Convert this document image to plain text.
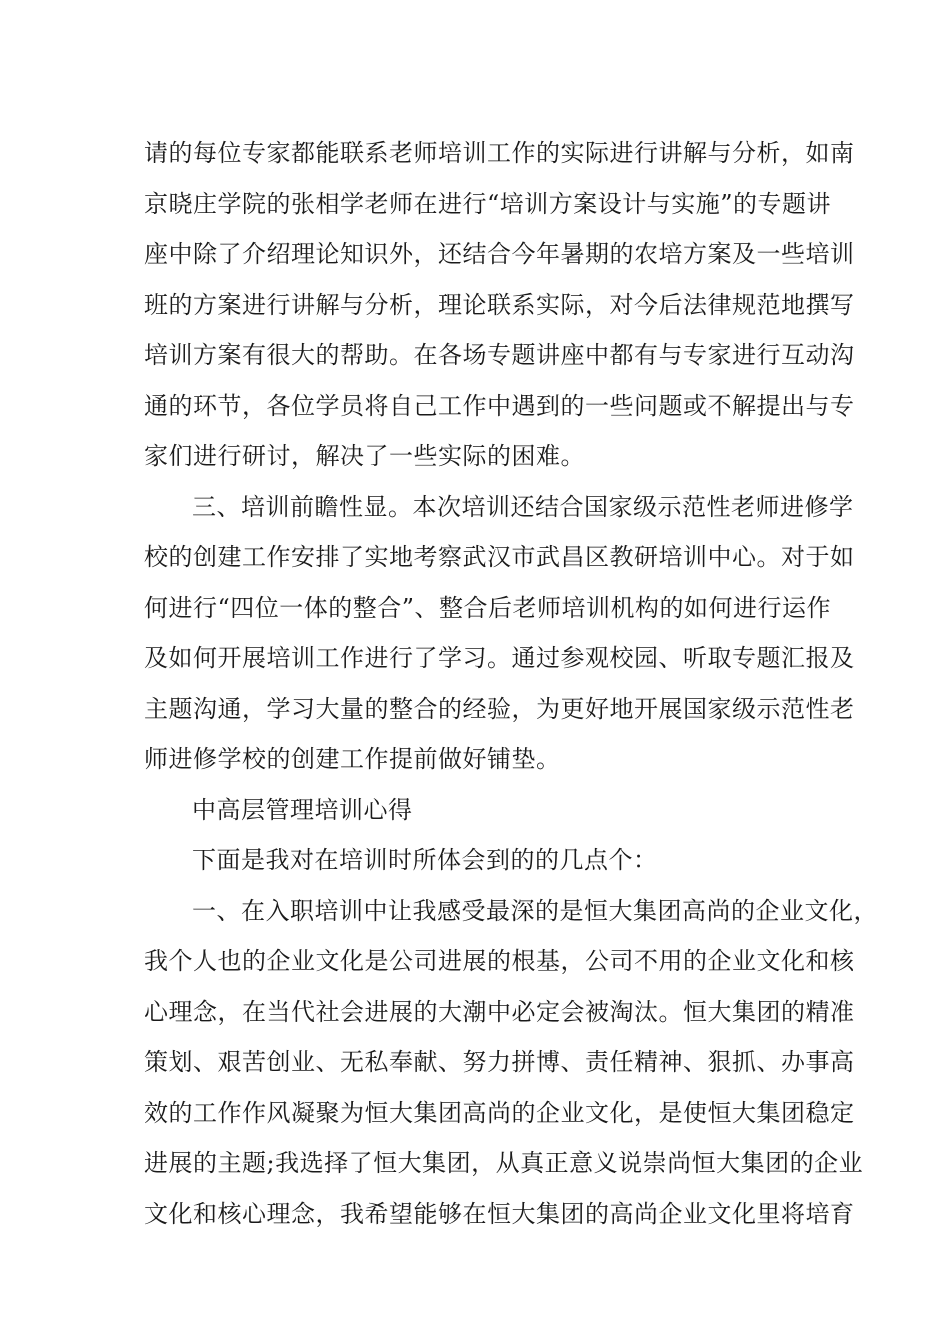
请的每位专家都能联系老师培训工作的实际进行讲解与分析，如南
京晓庄学院的张相学老师在进行“培训方案设计与实施”的专题讲
座中除了介绍理论知识外，还结合今年暑期的农培方案及一些培训
班的方案进行讲解与分析，理论联系实际，对今后法律规范地撰写
培训方案有很大的帮助。在各场专题讲座中都有与专家进行互动沟
通的环节，各位学员将自己工作中遇到的一些问题或不解提出与专
家们进行研讨，解决了一些实际的困难。
三、培训前瞻性显。本次培训还结合国家级示范性老师进修学
校的创建工作安排了实地考察武汉市武昌区教研培训中心。对于如
何进行“四位一体的整合”、整合后老师培训机构的如何进行运作
及如何开展培训工作进行了学习。通过参观校园、听取专题汇报及
主题沟通，学习大量的整合的经验，为更好地开展国家级示范性老
师进修学校的创建工作提前做好铺垫。
中高层管理培训心得
下面是我对在培训时所体会到的的几点个：
一、在入职培训中让我感受最深的是恒大集团高尚的企业文化，
我个人也的企业文化是公司进展的根基，公司不用的企业文化和核
心理念，在当代社会进展的大潮中必定会被淘汰。恒大集团的精准
策划、艰苦创业、无私奉献、努力拼博、责任精神、狠抓、办事高
效的工作作风凝聚为恒大集团高尚的企业文化，是使恒大集团稳定
进展的主题;我选择了恒大集团，从真正意义说崇尚恒大集团的企业
文化和核心理念，我希望能够在恒大集团的高尚企业文化里将培育
